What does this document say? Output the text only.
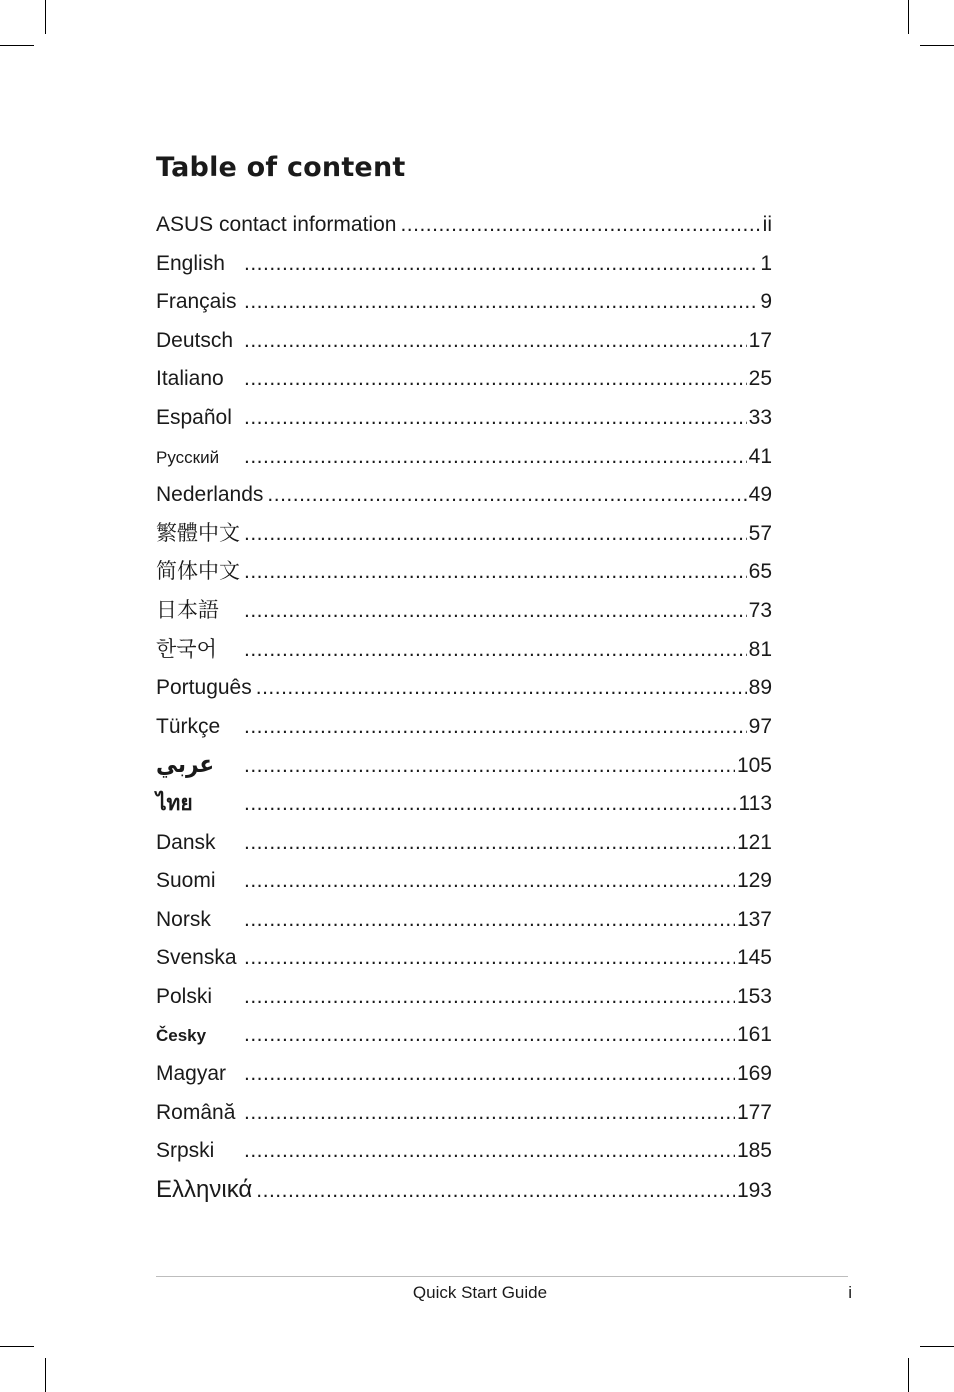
Table of content
ASUS contact information .....	ii
English .....	1
Français .....	9
Deutsch .....	17
Italiano .....	25
Español .....	33
Русский .....	41
Nederlands .....	49
繁體中文 .....	57
简体中文 .....	65
日本語 .....	73
한국어 .....	81
Português .....	89
Türkçe .....	97
عربي .....	105
ไทย .....	113
Dansk .....	121
Suomi .....	129
Norsk .....	137
Svenska .....	145
Polski .....	153
Česky .....	161
Magyar .....	169
Română .....	177
Srpski .....	185
Ελληνικά .....	193
Quick Start Guide	i
